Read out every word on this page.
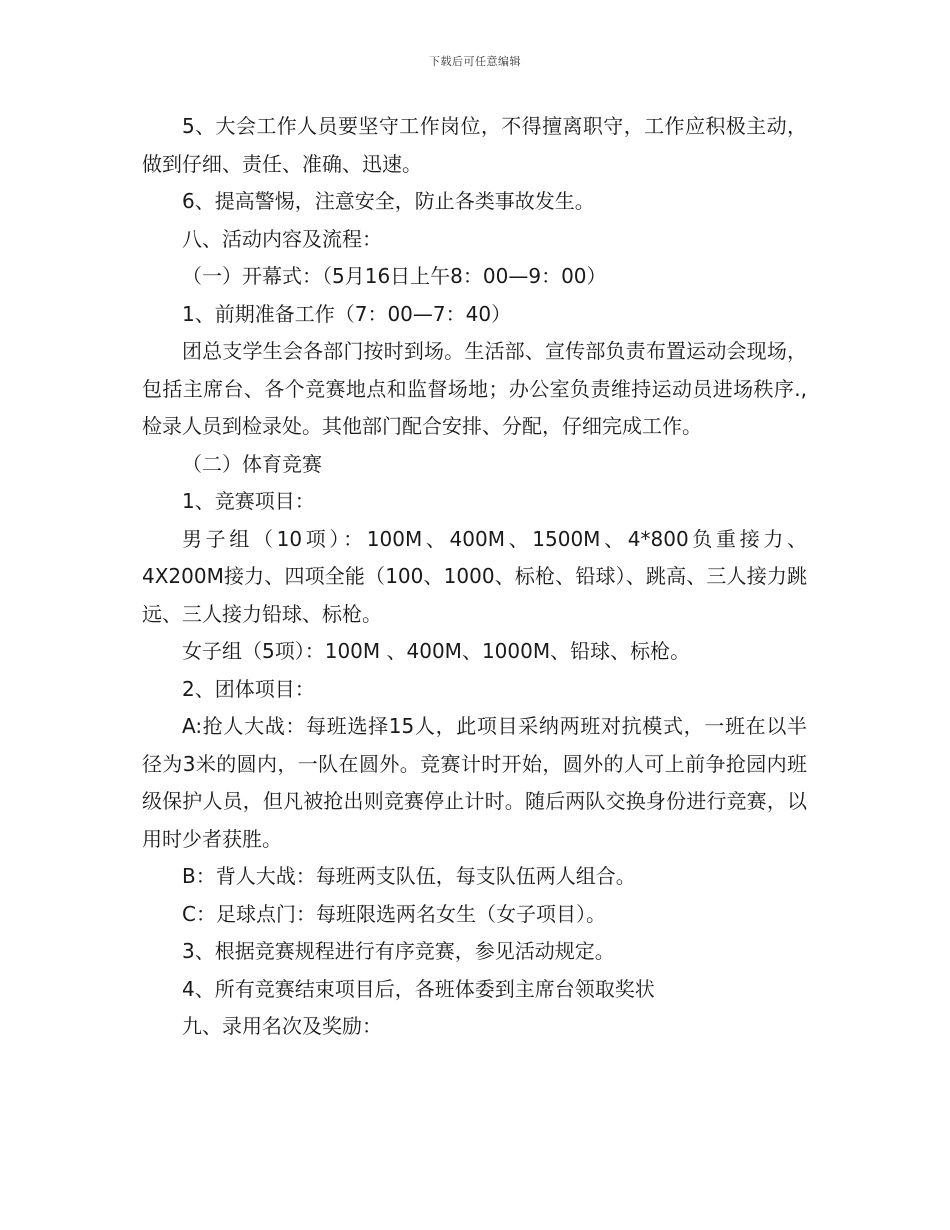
下载后可任意编辑

5、大会工作人员要坚守工作岗位，不得擅离职守，工作应积极主动，做到仔细、责任、准确、迅速。

6、提高警惕，注意安全，防止各类事故发生。

八、活动内容及流程：

（一）开幕式：（5月16日上午8：00—9：00）

1、前期准备工作（7：00—7：40）

团总支学生会各部门按时到场。生活部、宣传部负责布置运动会现场，包括主席台、各个竞赛地点和监督场地；办公室负责维持运动员进场秩序.,检录人员到检录处。其他部门配合安排、分配，仔细完成工作。

（二）体育竞赛

1、竞赛项目：

男子组（10项）：100M、400M、1500M、4*800负重接力、4X200M接力、四项全能（100、1000、标枪、铅球）、跳高、三人接力跳远、三人接力铅球、标枪。

女子组（5项）：100M 、400M、1000M、铅球、标枪。

2、团体项目：

A:抢人大战：每班选择15人，此项目采纳两班对抗模式，一班在以半径为3米的圆内，一队在圆外。竞赛计时开始，圆外的人可上前争抢园内班级保护人员，但凡被抢出则竞赛停止计时。随后两队交换身份进行竞赛，以用时少者获胜。

B：背人大战：每班两支队伍，每支队伍两人组合。

C：足球点门：每班限选两名女生（女子项目）。

3、根据竞赛规程进行有序竞赛，参见活动规定。

4、所有竞赛结束项目后，各班体委到主席台领取奖状

九、录用名次及奖励：
